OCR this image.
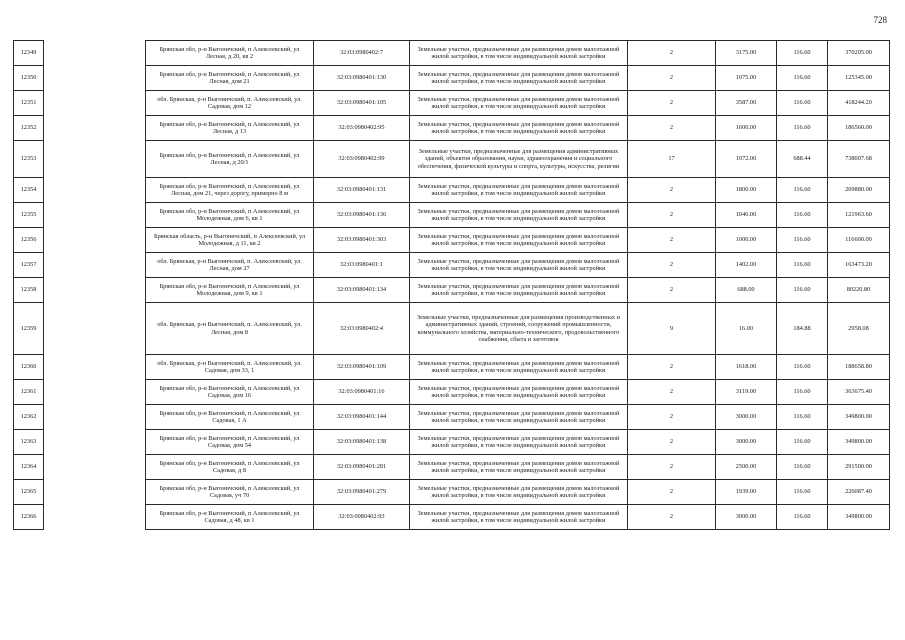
728
12349		Брянская обл, р-н Выгоничский, п Алексеевский, ул Лесная, д 20, кв 2	32:03:0980402:7	Земельные участки, предназначенные для размещения домов малоэтажной жилой застройки, в том числе индивидуальной жилой застройки	2	3175.00	116.60	370205.00
12350		Брянская обл, р-н Выгоничский, п Алексеевский, ул Лесная, дом 21	32:03:0980401:130	Земельные участки, предназначенные для размещения домов малоэтажной жилой застройки, в том числе индивидуальной жилой застройки	2	1075.00	116.60	125345.00
12351		обл. Брянская, р-н Выгоничский, п. Алексеевский, ул. Садовая, дом 12	32:03:0980401:105	Земельные участки, предназначенные для размещения домов малоэтажной жилой застройки, в том числе индивидуальной жилой застройки	2	3587.00	116.60	418244.20
12352		Брянская обл, р-н Выгоничский, п Алексеевский, ул Лесная, д 13	32:03:0980402:95	Земельные участки, предназначенные для размещения домов малоэтажной жилой застройки, в том числе индивидуальной жилой застройки	2	1600.00	116.60	186560.00
12353		Брянская обл, р-н Выгоничский, п Алексеевский, ул Лесная, д 20/1	32:03:0980402:99	Земельные участки, предназначенные для размещения административных зданий, объектов образования, науки, здравоохранения и социального обеспечения, физической культуры и спорта, культуры, искусства, религии	17	1072.00	688.44	738007.68
12354		Брянская обл, р-н Выгоничский, п Алексеевский, ул Лесная, дом 21, через дорогу, примерно 8 м	32:03:0980401:131	Земельные участки, предназначенные для размещения домов малоэтажной жилой застройки, в том числе индивидуальной жилой застройки	2	1800.00	116.60	209880.00
12355		Брянская обл, р-н Выгоничский, п Алексеевский, ул Молодежная, дом 6, кв 1	32:03:0980401:136	Земельные участки, предназначенные для размещения домов малоэтажной жилой застройки, в том числе индивидуальной жилой застройки	2	1046.00	116.60	121963.60
12356		Брянская область, р-н Выгоничский, п Алексеевский, ул Молодежная, д 11, кв 2	32:03:0980401:303	Земельные участки, предназначенные для размещения домов малоэтажной жилой застройки, в том числе индивидуальной жилой застройки	2	1000.00	116.60	116600.00
12357		обл. Брянская, р-н Выгоничский, п. Алексеевский, ул. Лесная, дом 27	32:03:0980401:1	Земельные участки, предназначенные для размещения домов малоэтажной жилой застройки, в том числе индивидуальной жилой застройки	2	1402.00	116.60	163473.20
12358		Брянская обл, р-н Выгоничский, п Алексеевский, ул Молодежная, дом 9, кв 1	32:03:0980401:134	Земельные участки, предназначенные для размещения домов малоэтажной жилой застройки, в том числе индивидуальной жилой застройки	2	688.00	116.60	80220.80
12359		обл. Брянская, р-н Выгоничский, п. Алексеевский, ул. Лесная, дом 8	32:03:0980402:4	Земельные участки, предназначенные для размещения производственных и административных зданий, строений, сооружений промышленности, коммунального хозяйства, материально-технического, продовольственного снабжения, сбыта и заготовок	9	16.00	184.88	2958.08
12360		обл. Брянская, р-н Выгоничский, п. Алексеевский, ул. Садовая, дом 33, 1	32:03:0980401:109	Земельные участки, предназначенные для размещения домов малоэтажной жилой застройки, в том числе индивидуальной жилой застройки	2	1618.00	116.60	188658.80
12361		Брянская обл, р-н Выгоничский, п Алексеевский, ул Садовая, дом 16	32:03:0980401:16	Земельные участки, предназначенные для размещения домов малоэтажной жилой застройки, в том числе индивидуальной жилой застройки	2	3119.00	116.60	363675.40
12362		Брянская обл, р-н Выгоничский, п Алексеевский, ул Садовая, 1 А	32:03:0980401:144	Земельные участки, предназначенные для размещения домов малоэтажной жилой застройки, в том числе индивидуальной жилой застройки	2	3000.00	116.60	349800.00
12363		Брянская обл, р-н Выгоничский, п Алексеевский, ул Садовая, дом 54	32:03:0980401:138	Земельные участки, предназначенные для размещения домов малоэтажной жилой застройки, в том числе индивидуальной жилой застройки	2	3000.00	116.60	349800.00
12364		Брянская обл, р-н Выгоничский, п Алексеевский, ул Садовая, д 8	32:03:0980401:281	Земельные участки, предназначенные для размещения домов малоэтажной жилой застройки, в том числе индивидуальной жилой застройки	2	2500.00	116.60	291500.00
12365		Брянская обл, р-н Выгоничский, п Алексеевский, ул Садовая, уч 70	32:03:0980401:279	Земельные участки, предназначенные для размещения домов малоэтажной жилой застройки, в том числе индивидуальной жилой застройки	2	1939.00	116.60	226087.40
12366		Брянская обл, р-н Выгоничский, п Алексеевский, ул Садовая, д 48, кв 1	32:03:0980402:93	Земельные участки, предназначенные для размещения домов малоэтажной жилой застройки, в том числе индивидуальной жилой застройки	2	3000.00	116.60	349800.00
